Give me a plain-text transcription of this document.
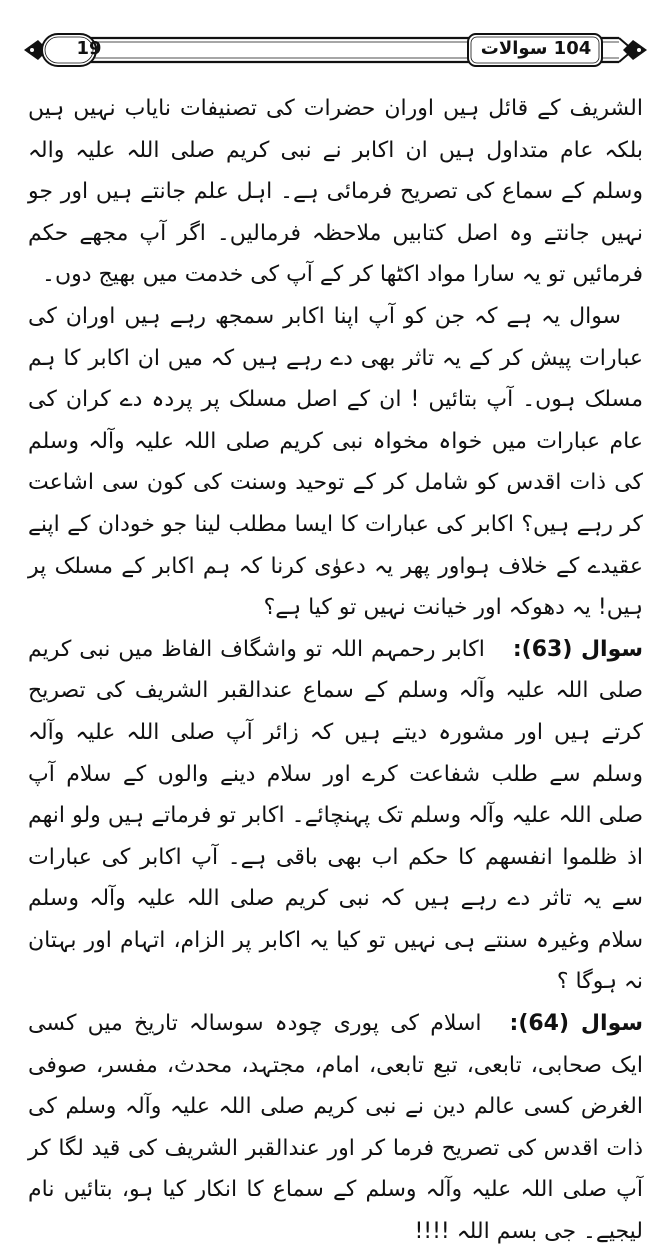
19	104 سوالات

الشریف کے قائل ہیں اوران حضرات کی تصنیفات نایاب نہیں ہیں بلکہ عام متداول ہیں ان اکابر نے نبی کریم صلی اللہ علیہ والہ وسلم کے سماع کی تصریح فرمائی ہے۔ اہل علم جانتے ہیں اور جو نہیں جانتے وہ اصل کتابیں ملاحظہ فرمالیں۔ اگر آپ مجھے حکم فرمائیں تو یہ سارا مواد اکٹھا کر کے آپ کی خدمت میں بھیج دوں۔

سوال یہ ہے کہ جن کو آپ اپنا اکابر سمجھ رہے ہیں اوران کی عبارات پیش کر کے یہ تاثر بھی دے رہے ہیں کہ میں ان اکابر کا ہم مسلک ہوں۔ آپ بتائیں ! ان کے اصل مسلک پر پردہ دے کران کی عام عبارات میں خواہ مخواہ نبی کریم صلی اللہ علیہ وآلہ وسلم کی ذات اقدس کو شامل کر کے توحید وسنت کی کون سی اشاعت کر رہے ہیں؟ اکابر کی عبارات کا ایسا مطلب لینا جو خودان کے اپنے عقیدے کے خلاف ہواور پھر یہ دعوٰی کرنا کہ ہم اکابر کے مسلک پر ہیں! یہ دھوکہ اور خیانت نہیں تو کیا ہے؟

سوال (63):اکابر رحمہم اللہ تو واشگاف الفاظ میں نبی کریم صلی اللہ علیہ وآلہ وسلم کے سماع عندالقبر الشریف کی تصریح کرتے ہیں اور مشورہ دیتے ہیں کہ زائر آپ صلی اللہ علیہ وآلہ وسلم سے طلب شفاعت کرے اور سلام دینے والوں کے سلام آپ صلی اللہ علیہ وآلہ وسلم تک پہنچائے۔ اکابر تو فرماتے ہیں ولو انهم اذ ظلموا انفسهم کا حکم اب بھی باقی ہے۔ آپ اکابر کی عبارات سے یہ تاثر دے رہے ہیں کہ نبی کریم صلی اللہ علیہ وآلہ وسلم سلام وغیرہ سنتے ہی نہیں تو کیا یہ اکابر پر الزام، اتہام اور بہتان نہ ہوگا ؟

سوال (64):اسلام کی پوری چودہ سوسالہ تاریخ میں کسی ایک صحابی، تابعی، تبع تابعی، امام، مجتہد، محدث، مفسر، صوفی الغرض کسی عالم دین نے نبی کریم صلی اللہ علیہ وآلہ وسلم کی ذات اقدس کی تصریح فرما کر اور عندالقبر الشریف کی قید لگا کر آپ صلی اللہ علیہ وآلہ وسلم کے سماع کا انکار کیا ہو، بتائیں نام لیجیے۔ جی بسم اللہ !!!!
